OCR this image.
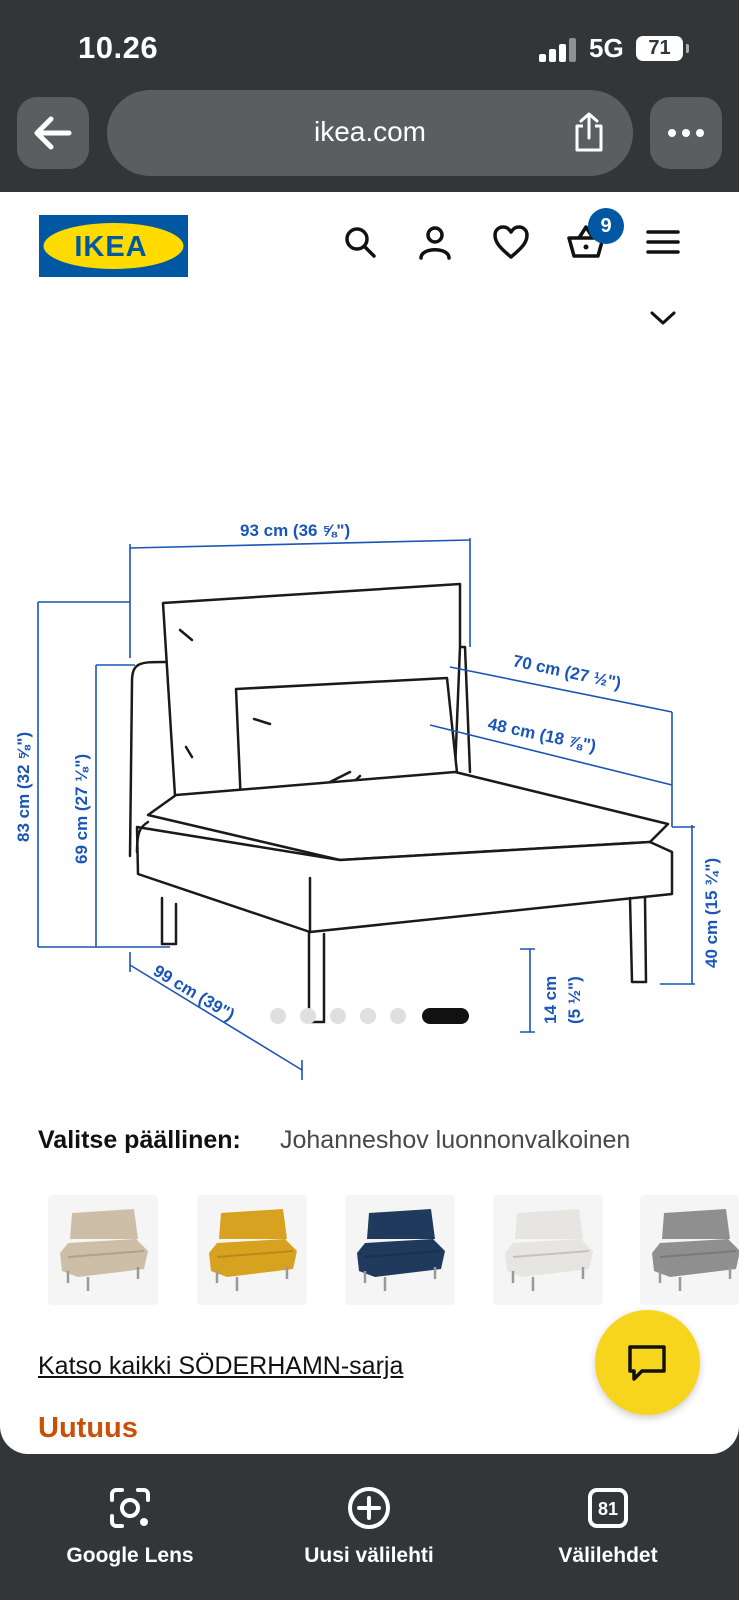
10.26	5G	71
ikea.com
IKEA
9
93 cm (36 ⅝")
70 cm (27 ½")
48 cm (18 ⅞")
83 cm (32 ⅝") 69 cm (27 ⅛")
40 cm (15 ¾")
14 cm (5 ½")
99 cm (39")
Valitse päällinen: Johanneshov luonnonvalkoinen
Katso kaikki SÖDERHAMN-sarja
Uutuus
Google Lens	Uusi välilehti
81
Välilehdet
